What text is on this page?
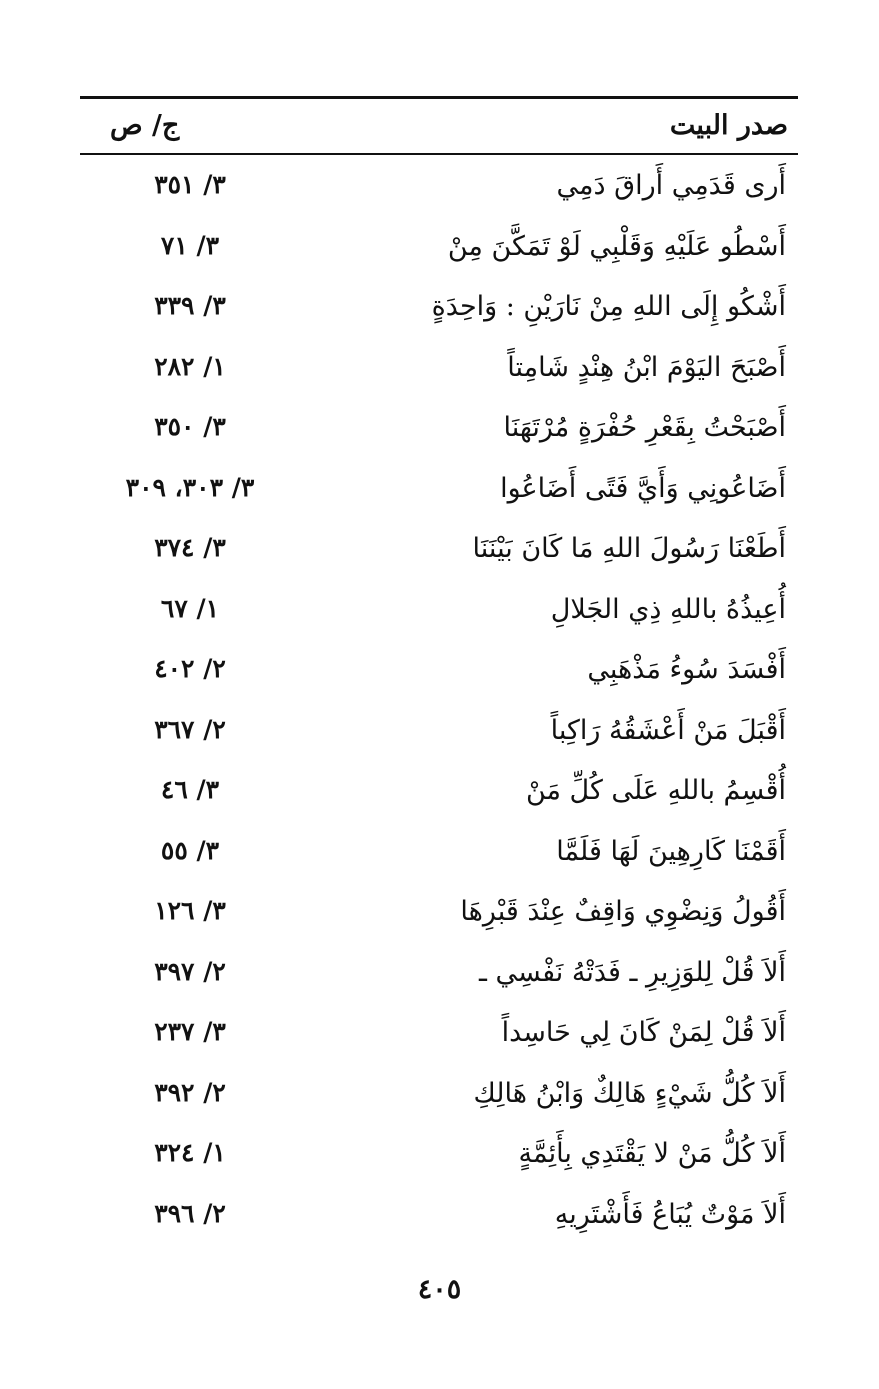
صدر البيت
ج/ ص
أَرى قَدَمِي أَراقَ دَمِي
٣/ ٣٥١
أَسْطُو عَلَيْهِ وَقَلْبِي لَوْ تَمَكَّنَ مِنْ
٣/ ٧١
أَشْكُو إِلَى اللهِ مِنْ نَارَيْنِ : وَاحِدَةٍ
٣/ ٣٣٩
أَصْبَحَ اليَوْمَ ابْنُ هِنْدٍ شَامِتاً
١/ ٢٨٢
أَصْبَحْتُ بِقَعْرِ حُفْرَةٍ مُرْتَهَنَا
٣/ ٣٥٠
أَضَاعُونِي وَأَيَّ فَتًى أَضَاعُوا
٣/ ٣٠٣، ٣٠٩
أَطَعْنَا رَسُولَ اللهِ مَا كَانَ بَيْنَنَا
٣/ ٣٧٤
أُعِيذُهُ باللهِ ذِي الجَلالِ
١/ ٦٧
أَفْسَدَ سُوءُ مَذْهَبِي
٢/ ٤٠٢
أَقْبَلَ مَنْ أَعْشَقُهُ رَاكِباً
٢/ ٣٦٧
أُقْسِمُ باللهِ عَلَى كُلِّ مَنْ
٣/ ٤٦
أَقَمْنَا كَارِهِينَ لَهَا فَلَمَّا
٣/ ٥٥
أَقُولُ وَنِضْوِي وَاقِفٌ عِنْدَ قَبْرِهَا
٣/ ١٢٦
أَلاَ قُلْ لِلوَزِيرِ ـ فَدَتْهُ نَفْسِي ـ
٢/ ٣٩٧
أَلاَ قُلْ لِمَنْ كَانَ لِي حَاسِداً
٣/ ٢٣٧
أَلاَ كُلُّ شَيْءٍ هَالِكٌ وَابْنُ هَالِكِ
٢/ ٣٩٢
أَلاَ كُلُّ مَنْ لا يَقْتَدِي بِأَئِمَّةٍ
١/ ٣٢٤
أَلاَ مَوْتٌ يُبَاعُ فَأَشْتَرِيهِ
٢/ ٣٩٦
٤٠٥
